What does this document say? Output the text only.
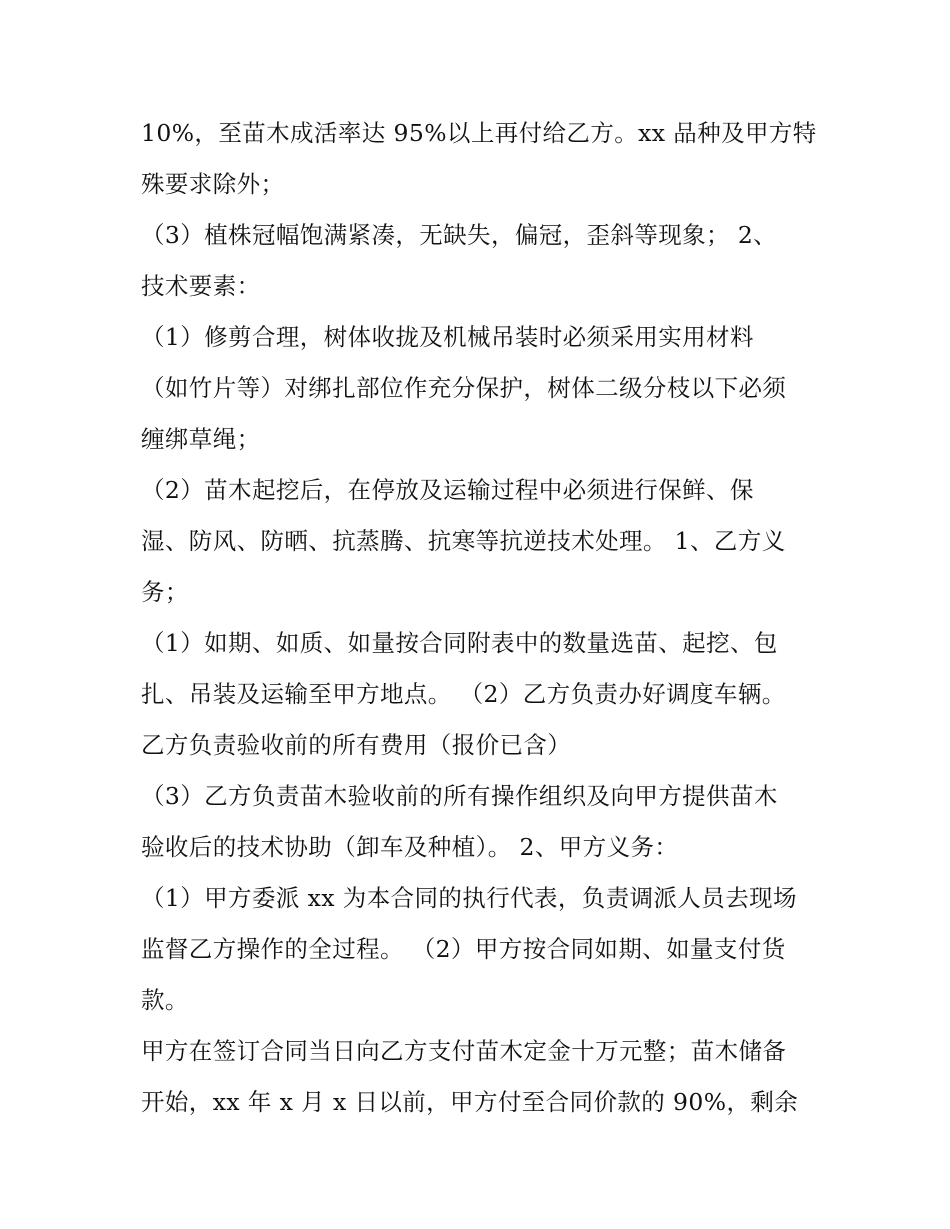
10%，至苗木成活率达 95%以上再付给乙方。xx 品种及甲方特
殊要求除外；
（3）植株冠幅饱满紧凑，无缺失，偏冠，歪斜等现象； 2、
技术要素：
（1）修剪合理，树体收拢及机械吊装时必须采用实用材料
（如竹片等）对绑扎部位作充分保护，树体二级分枝以下必须
缠绑草绳；
（2）苗木起挖后，在停放及运输过程中必须进行保鲜、保
湿、防风、防晒、抗蒸腾、抗寒等抗逆技术处理。 1、乙方义
务；
（1）如期、如质、如量按合同附表中的数量选苗、起挖、包
扎、吊装及运输至甲方地点。 （2）乙方负责办好调度车辆。
乙方负责验收前的所有费用（报价已含）
（3）乙方负责苗木验收前的所有操作组织及向甲方提供苗木
验收后的技术协助（卸车及种植）。 2、甲方义务：
（1）甲方委派 xx 为本合同的执行代表，负责调派人员去现场
监督乙方操作的全过程。 （2）甲方按合同如期、如量支付货
款。
甲方在签订合同当日向乙方支付苗木定金十万元整；苗木储备
开始，xx 年 x 月 x 日以前，甲方付至合同价款的 90%，剩余
